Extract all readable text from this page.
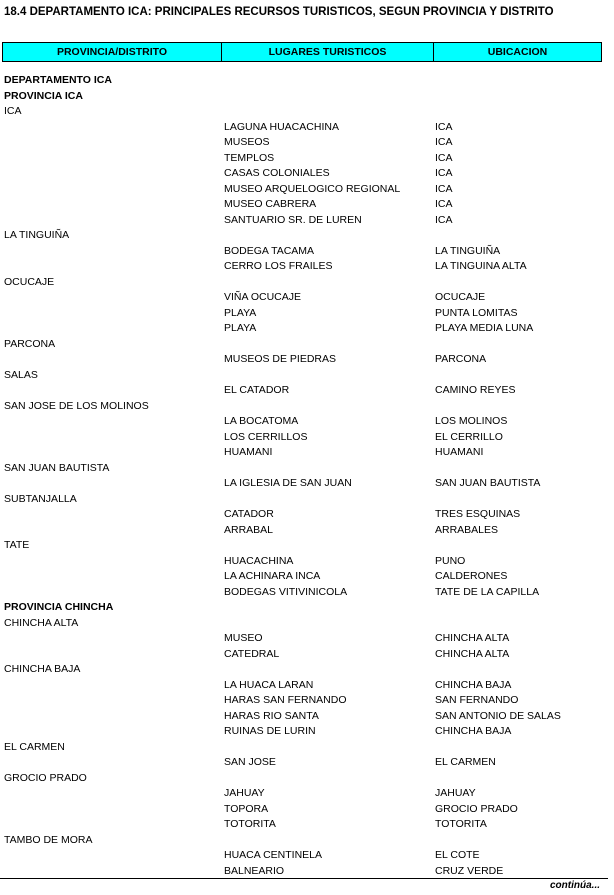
18.4 DEPARTAMENTO ICA: PRINCIPALES RECURSOS TURISTICOS, SEGUN PROVINCIA Y DISTRITO
PROVINCIA/DISTRITO	LUGARES TURISTICOS	UBICACION
DEPARTAMENTO ICA
PROVINCIA ICA
ICA
LAGUNA HUACACHINA	ICA
MUSEOS	ICA
TEMPLOS	ICA
CASAS COLONIALES	ICA
MUSEO ARQUELOGICO REGIONAL	ICA
MUSEO CABRERA	ICA
SANTUARIO SR. DE LUREN	ICA
LA TINGUIÑA
BODEGA TACAMA	LA TINGUIÑA
CERRO LOS FRAILES	LA TINGUINA ALTA
OCUCAJE
VIÑA OCUCAJE	OCUCAJE
PLAYA	PUNTA LOMITAS
PLAYA	PLAYA MEDIA LUNA
PARCONA
MUSEOS DE PIEDRAS	PARCONA
SALAS
EL CATADOR	CAMINO REYES
SAN JOSE DE LOS MOLINOS
LA BOCATOMA	LOS MOLINOS
LOS CERRILLOS	EL CERRILLO
HUAMANI	HUAMANI
SAN JUAN BAUTISTA
LA IGLESIA DE SAN JUAN	SAN JUAN BAUTISTA
SUBTANJALLA
CATADOR	TRES ESQUINAS
ARRABAL	ARRABALES
TATE
HUACACHINA	PUNO
LA ACHINARA INCA	CALDERONES
BODEGAS VITIVINICOLA	TATE DE LA CAPILLA
PROVINCIA CHINCHA
CHINCHA ALTA
MUSEO	CHINCHA ALTA
CATEDRAL	CHINCHA ALTA
CHINCHA BAJA
LA HUACA LARAN	CHINCHA BAJA
HARAS SAN FERNANDO	SAN FERNANDO
HARAS RIO SANTA	SAN ANTONIO DE SALAS
RUINAS DE LURIN	CHINCHA BAJA
EL CARMEN
SAN JOSE	EL CARMEN
GROCIO PRADO
JAHUAY	JAHUAY
TOPORA	GROCIO PRADO
TOTORITA	TOTORITA
TAMBO DE MORA
HUACA CENTINELA	EL COTE
BALNEARIO	CRUZ VERDE
continúa...
